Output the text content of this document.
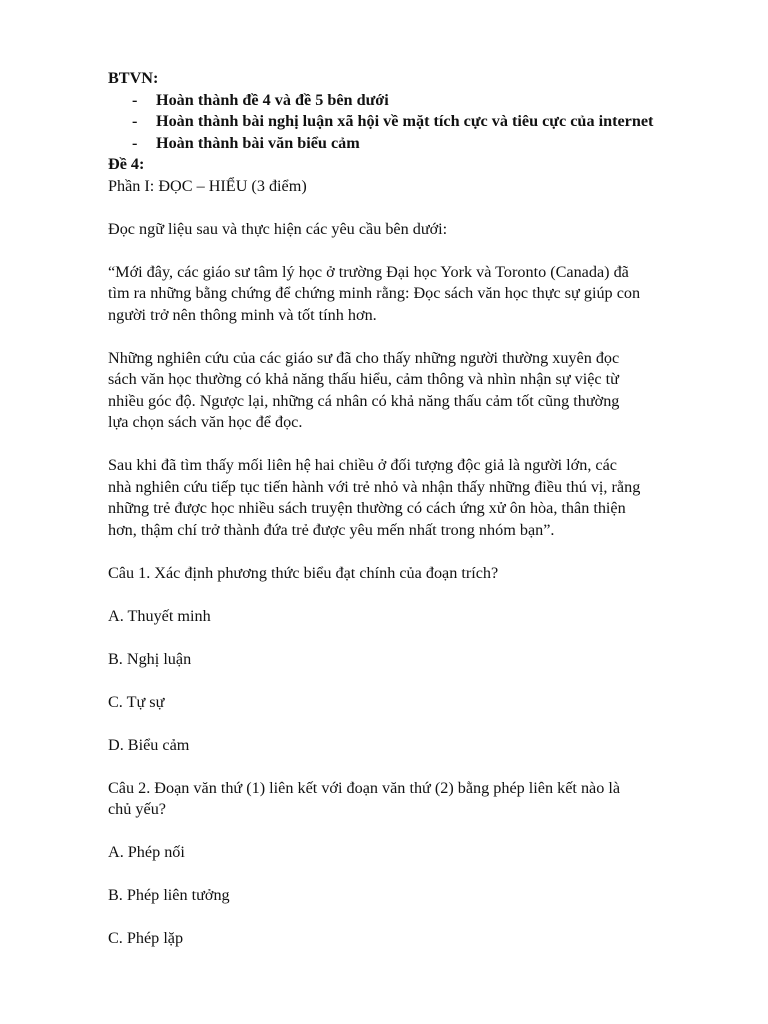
BTVN:
-	Hoàn thành đề 4 và đề 5 bên dưới
-	Hoàn thành bài nghị luận xã hội về mặt tích cực và tiêu cực của internet
-	Hoàn thành bài văn biểu cảm
Đề 4:
Phần I: ĐỌC – HIỂU (3 điểm)
Đọc ngữ liệu sau và thực hiện các yêu cầu bên dưới:
“Mới đây, các giáo sư tâm lý học ở trường Đại học York và Toronto (Canada) đã
tìm ra những bằng chứng để chứng minh rằng: Đọc sách văn học thực sự giúp con
người trở nên thông minh và tốt tính hơn.
Những nghiên cứu của các giáo sư đã cho thấy những người thường xuyên đọc
sách văn học thường có khả năng thấu hiểu, cảm thông và nhìn nhận sự việc từ
nhiều góc độ. Ngược lại, những cá nhân có khả năng thấu cảm tốt cũng thường
lựa chọn sách văn học để đọc.
Sau khi đã tìm thấy mối liên hệ hai chiều ở đối tượng độc giả là người lớn, các
nhà nghiên cứu tiếp tục tiến hành với trẻ nhỏ và nhận thấy những điều thú vị, rằng
những trẻ được học nhiều sách truyện thường có cách ứng xử ôn hòa, thân thiện
hơn, thậm chí trở thành đứa trẻ được yêu mến nhất trong nhóm bạn”.
Câu 1. Xác định phương thức biểu đạt chính của đoạn trích?
A. Thuyết minh
B. Nghị luận
C. Tự sự
D. Biểu cảm
Câu 2. Đoạn văn thứ (1) liên kết với đoạn văn thứ (2) bằng phép liên kết nào là
chủ yếu?
A. Phép nối
B. Phép liên tưởng
C. Phép lặp
